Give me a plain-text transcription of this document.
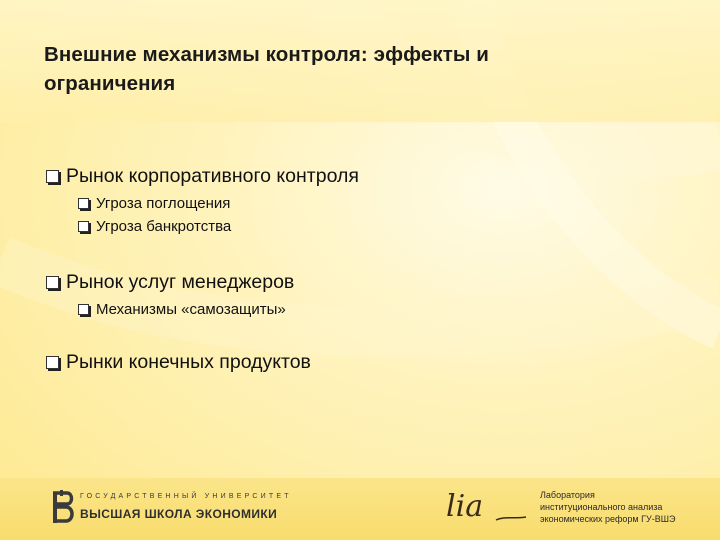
Внешние механизмы контроля: эффекты и ограничения
Рынок корпоративного контроля
Угроза поглощения
Угроза банкротства
Рынок услуг менеджеров
Механизмы «самозащиты»
Рынки конечных продуктов
ГОСУДАРСТВЕННЫЙ УНИВЕРСИТЕТ
ВЫСШАЯ ШКОЛА ЭКОНОМИКИ	lia	Лаборатория
институционального анализа
экономических реформ ГУ-ВШЭ
